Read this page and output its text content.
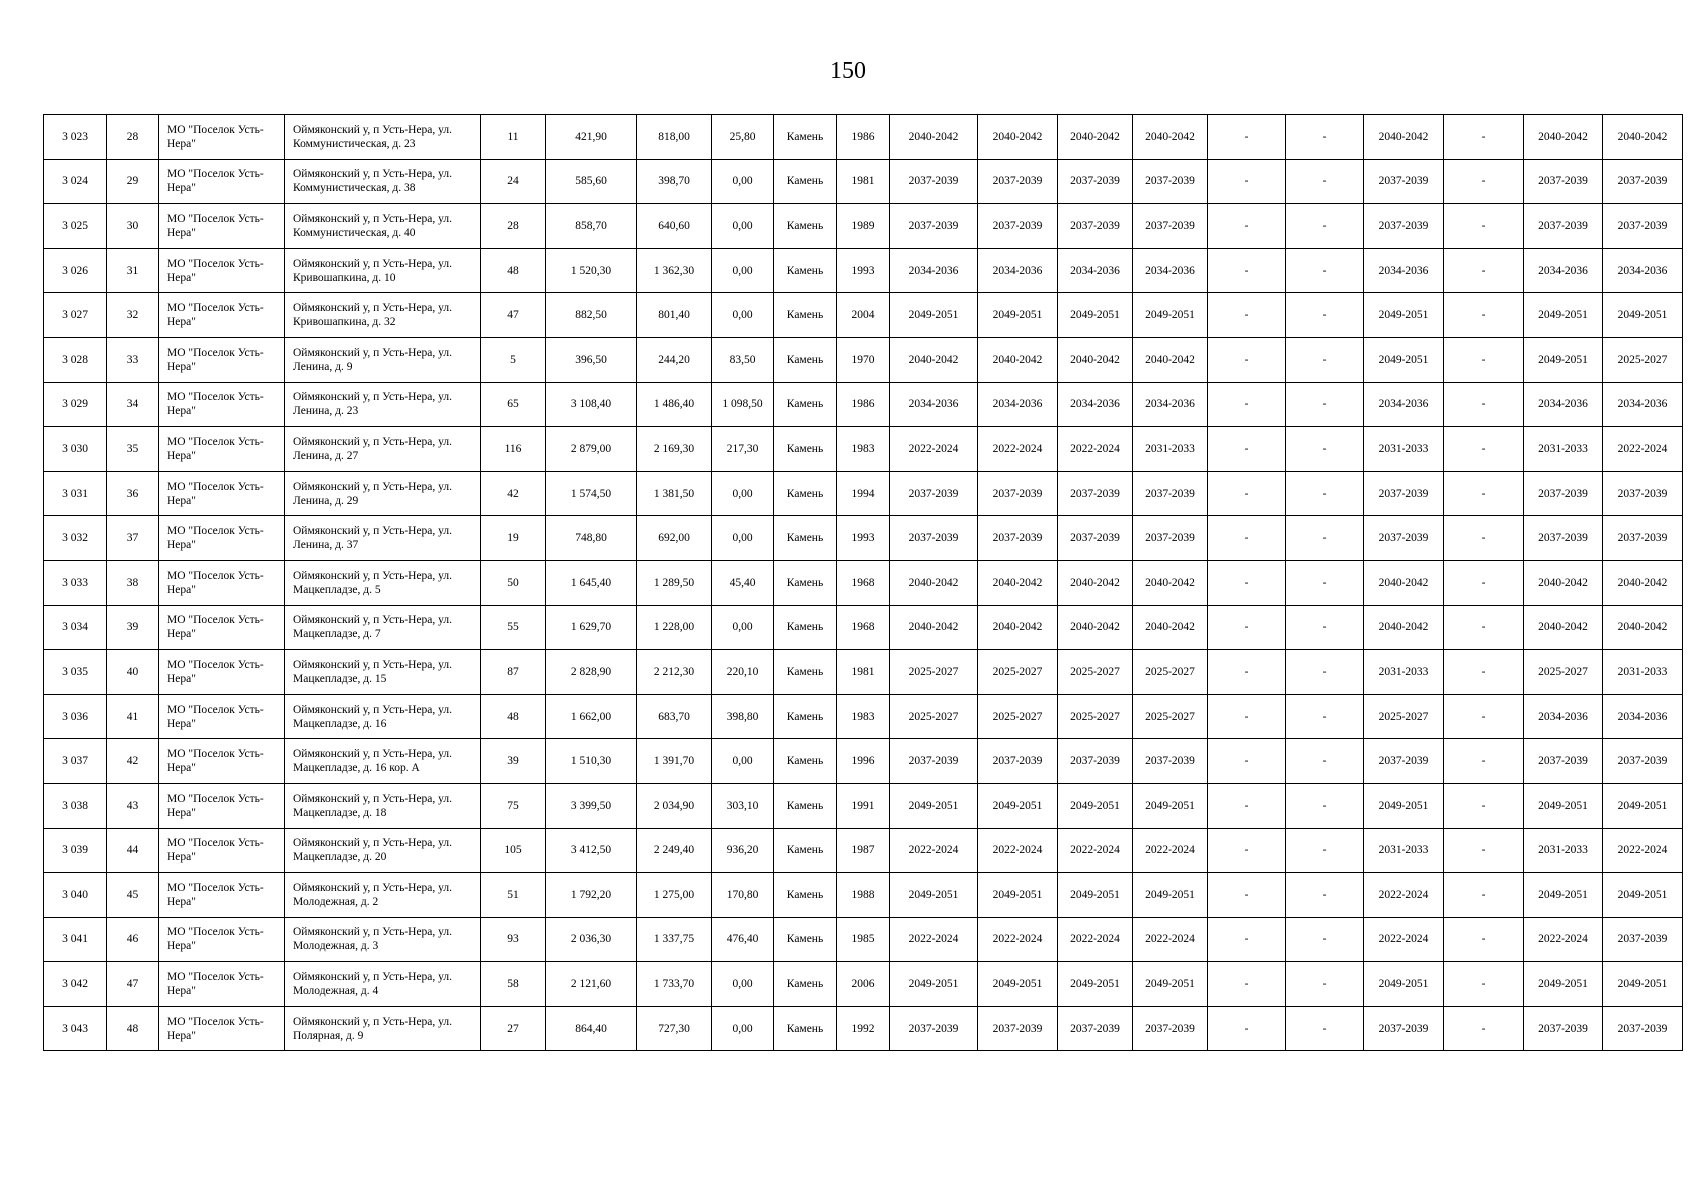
150
3 023	28	МО "Поселок Усть-Нера"	Оймяконский у, п Усть-Нера, ул. Коммунистическая, д. 23	11	421,90	818,00	25,80	Камень	1986	2040-2042	2040-2042	2040-2042	2040-2042	-	-	2040-2042	-	2040-2042	2040-2042
3 024	29	МО "Поселок Усть-Нера"	Оймяконский у, п Усть-Нера, ул. Коммунистическая, д. 38	24	585,60	398,70	0,00	Камень	1981	2037-2039	2037-2039	2037-2039	2037-2039	-	-	2037-2039	-	2037-2039	2037-2039
3 025	30	МО "Поселок Усть-Нера"	Оймяконский у, п Усть-Нера, ул. Коммунистическая, д. 40	28	858,70	640,60	0,00	Камень	1989	2037-2039	2037-2039	2037-2039	2037-2039	-	-	2037-2039	-	2037-2039	2037-2039
3 026	31	МО "Поселок Усть-Нера"	Оймяконский у, п Усть-Нера, ул. Кривошапкина, д. 10	48	1 520,30	1 362,30	0,00	Камень	1993	2034-2036	2034-2036	2034-2036	2034-2036	-	-	2034-2036	-	2034-2036	2034-2036
3 027	32	МО "Поселок Усть-Нера"	Оймяконский у, п Усть-Нера, ул. Кривошапкина, д. 32	47	882,50	801,40	0,00	Камень	2004	2049-2051	2049-2051	2049-2051	2049-2051	-	-	2049-2051	-	2049-2051	2049-2051
3 028	33	МО "Поселок Усть-Нера"	Оймяконский у, п Усть-Нера, ул. Ленина, д. 9	5	396,50	244,20	83,50	Камень	1970	2040-2042	2040-2042	2040-2042	2040-2042	-	-	2049-2051	-	2049-2051	2025-2027
3 029	34	МО "Поселок Усть-Нера"	Оймяконский у, п Усть-Нера, ул. Ленина, д. 23	65	3 108,40	1 486,40	1 098,50	Камень	1986	2034-2036	2034-2036	2034-2036	2034-2036	-	-	2034-2036	-	2034-2036	2034-2036
3 030	35	МО "Поселок Усть-Нера"	Оймяконский у, п Усть-Нера, ул. Ленина, д. 27	116	2 879,00	2 169,30	217,30	Камень	1983	2022-2024	2022-2024	2022-2024	2031-2033	-	-	2031-2033	-	2031-2033	2022-2024
3 031	36	МО "Поселок Усть-Нера"	Оймяконский у, п Усть-Нера, ул. Ленина, д. 29	42	1 574,50	1 381,50	0,00	Камень	1994	2037-2039	2037-2039	2037-2039	2037-2039	-	-	2037-2039	-	2037-2039	2037-2039
3 032	37	МО "Поселок Усть-Нера"	Оймяконский у, п Усть-Нера, ул. Ленина, д. 37	19	748,80	692,00	0,00	Камень	1993	2037-2039	2037-2039	2037-2039	2037-2039	-	-	2037-2039	-	2037-2039	2037-2039
3 033	38	МО "Поселок Усть-Нера"	Оймяконский у, п Усть-Нера, ул. Мацкепладзе, д. 5	50	1 645,40	1 289,50	45,40	Камень	1968	2040-2042	2040-2042	2040-2042	2040-2042	-	-	2040-2042	-	2040-2042	2040-2042
3 034	39	МО "Поселок Усть-Нера"	Оймяконский у, п Усть-Нера, ул. Мацкепладзе, д. 7	55	1 629,70	1 228,00	0,00	Камень	1968	2040-2042	2040-2042	2040-2042	2040-2042	-	-	2040-2042	-	2040-2042	2040-2042
3 035	40	МО "Поселок Усть-Нера"	Оймяконский у, п Усть-Нера, ул. Мацкепладзе, д. 15	87	2 828,90	2 212,30	220,10	Камень	1981	2025-2027	2025-2027	2025-2027	2025-2027	-	-	2031-2033	-	2025-2027	2031-2033
3 036	41	МО "Поселок Усть-Нера"	Оймяконский у, п Усть-Нера, ул. Мацкепладзе, д. 16	48	1 662,00	683,70	398,80	Камень	1983	2025-2027	2025-2027	2025-2027	2025-2027	-	-	2025-2027	-	2034-2036	2034-2036
3 037	42	МО "Поселок Усть-Нера"	Оймяконский у, п Усть-Нера, ул. Мацкепладзе, д. 16 кор. А	39	1 510,30	1 391,70	0,00	Камень	1996	2037-2039	2037-2039	2037-2039	2037-2039	-	-	2037-2039	-	2037-2039	2037-2039
3 038	43	МО "Поселок Усть-Нера"	Оймяконский у, п Усть-Нера, ул. Мацкепладзе, д. 18	75	3 399,50	2 034,90	303,10	Камень	1991	2049-2051	2049-2051	2049-2051	2049-2051	-	-	2049-2051	-	2049-2051	2049-2051
3 039	44	МО "Поселок Усть-Нера"	Оймяконский у, п Усть-Нера, ул. Мацкепладзе, д. 20	105	3 412,50	2 249,40	936,20	Камень	1987	2022-2024	2022-2024	2022-2024	2022-2024	-	-	2031-2033	-	2031-2033	2022-2024
3 040	45	МО "Поселок Усть-Нера"	Оймяконский у, п Усть-Нера, ул. Молодежная, д. 2	51	1 792,20	1 275,00	170,80	Камень	1988	2049-2051	2049-2051	2049-2051	2049-2051	-	-	2022-2024	-	2049-2051	2049-2051
3 041	46	МО "Поселок Усть-Нера"	Оймяконский у, п Усть-Нера, ул. Молодежная, д. 3	93	2 036,30	1 337,75	476,40	Камень	1985	2022-2024	2022-2024	2022-2024	2022-2024	-	-	2022-2024	-	2022-2024	2037-2039
3 042	47	МО "Поселок Усть-Нера"	Оймяконский у, п Усть-Нера, ул. Молодежная, д. 4	58	2 121,60	1 733,70	0,00	Камень	2006	2049-2051	2049-2051	2049-2051	2049-2051	-	-	2049-2051	-	2049-2051	2049-2051
3 043	48	МО "Поселок Усть-Нера"	Оймяконский у, п Усть-Нера, ул. Полярная, д. 9	27	864,40	727,30	0,00	Камень	1992	2037-2039	2037-2039	2037-2039	2037-2039	-	-	2037-2039	-	2037-2039	2037-2039
